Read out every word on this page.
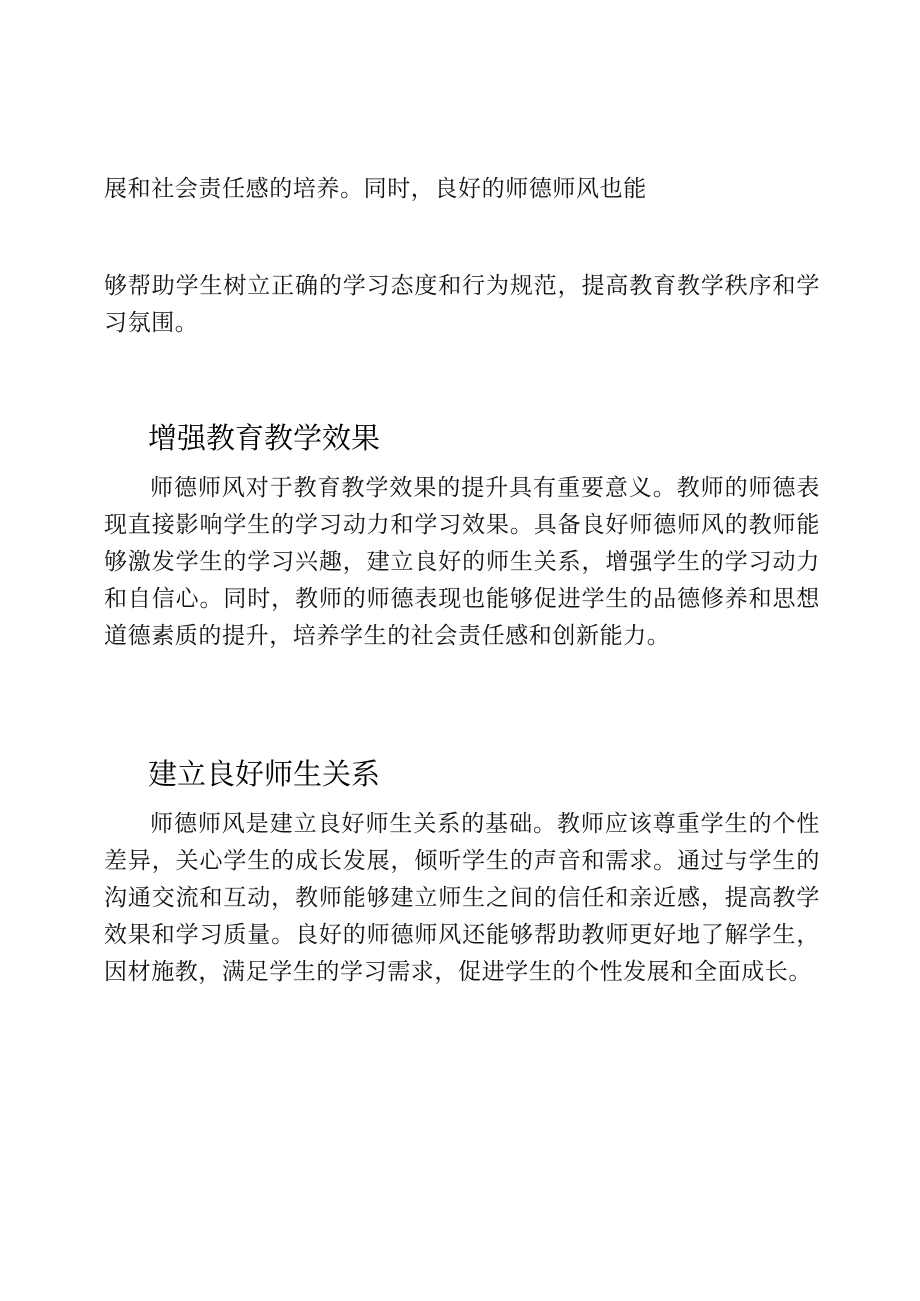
展和社会责任感的培养。同时，良好的师德师风也能
够帮助学生树立正确的学习态度和行为规范，提高教育教学秩序和学习氛围。
增强教育教学效果
师德师风对于教育教学效果的提升具有重要意义。教师的师德表现直接影响学生的学习动力和学习效果。具备良好师德师风的教师能够激发学生的学习兴趣，建立良好的师生关系，增强学生的学习动力和自信心。同时，教师的师德表现也能够促进学生的品德修养和思想道德素质的提升，培养学生的社会责任感和创新能力。
建立良好师生关系
师德师风是建立良好师生关系的基础。教师应该尊重学生的个性差异，关心学生的成长发展，倾听学生的声音和需求。通过与学生的沟通交流和互动，教师能够建立师生之间的信任和亲近感，提高教学效果和学习质量。良好的师德师风还能够帮助教师更好地了解学生，因材施教，满足学生的学习需求，促进学生的个性发展和全面成长。
